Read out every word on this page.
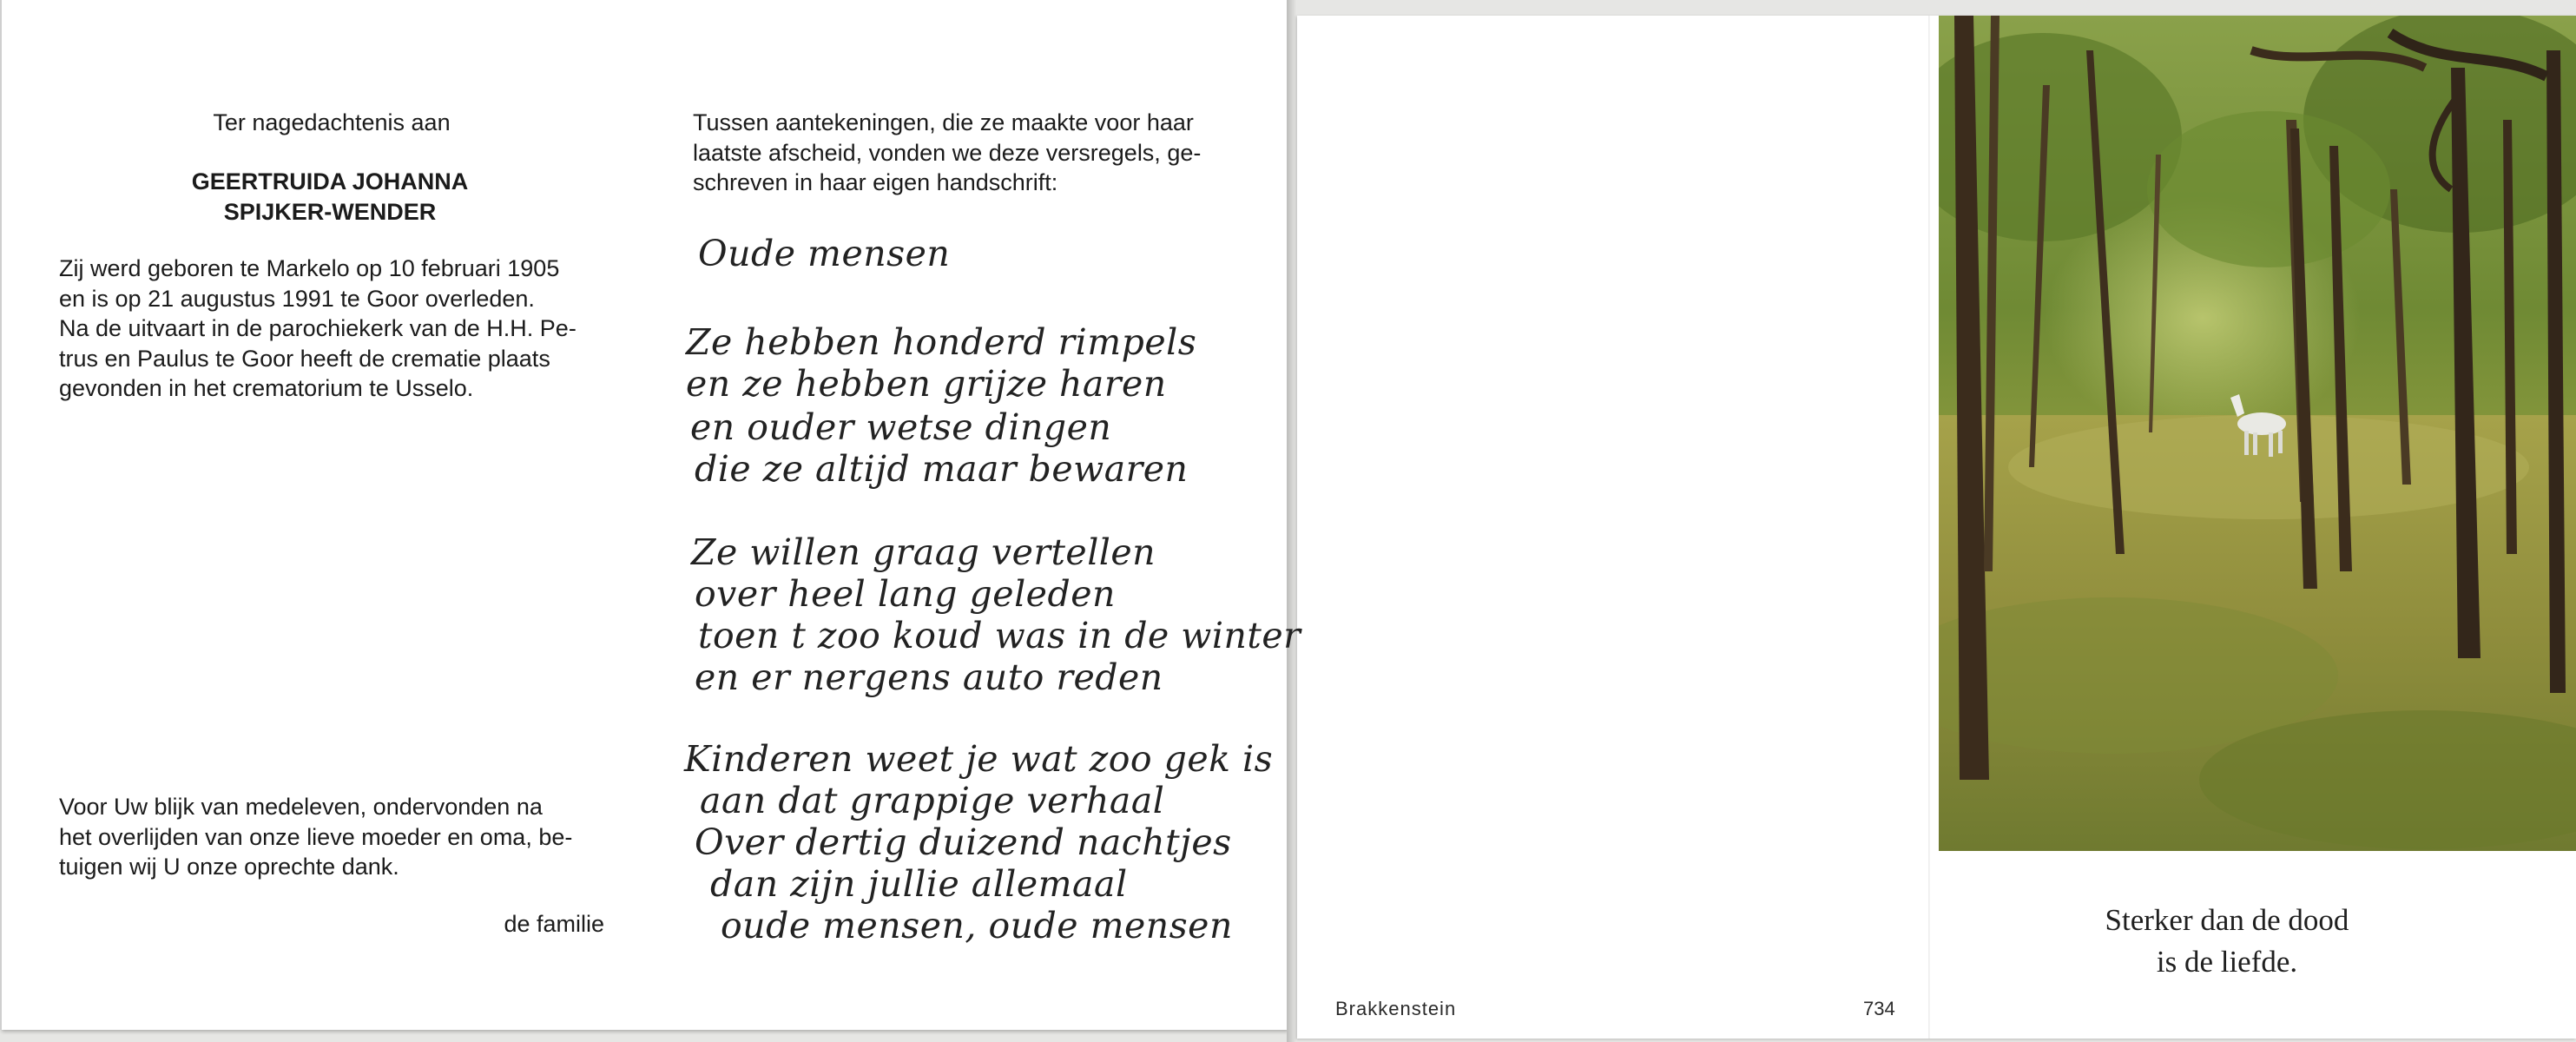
Ter nagedachtenis aan
GEERTRUIDA JOHANNA
SPIJKER-WENDER
Zij werd geboren te Markelo op 10 februari 1905
en is op 21 augustus 1991 te Goor overleden.
Na de uitvaart in de parochiekerk van de H.H. Pe-
trus en Paulus te Goor heeft de crematie plaats
gevonden in het crematorium te Usselo.
Voor Uw blijk van medeleven, ondervonden na
het overlijden van onze lieve moeder en oma, be-
tuigen wij U onze oprechte dank.
de familie
Tussen aantekeningen, die ze maakte voor haar
laatste afscheid, vonden we deze versregels, ge-
schreven in haar eigen handschrift:
Oude mensen
Ze hebben honderd rimpels
en ze hebben grijze haren
en ouder wetse dingen
die ze altijd maar bewaren
Ze willen graag vertellen
over heel lang geleden
toen t zoo koud was in de winter
en er nergens auto reden
Kinderen weet je wat zoo gek is
aan dat grappige verhaal
Over dertig duizend nachtjes
dan zijn jullie allemaal
oude mensen, oude mensen	Sterker dan de dood
is de liefde.
Brakkenstein	734
